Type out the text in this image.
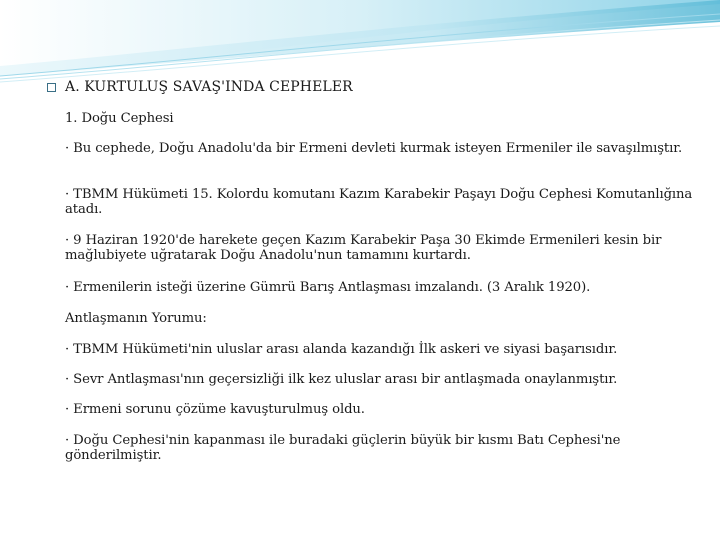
A. KURTULUŞ SAVAŞ'INDA CEPHELER
1. Doğu Cephesi
· Bu cephede, Doğu Anadolu'da bir Ermeni devleti kurmak isteyen Ermeniler ile savaşılmıştır.
· TBMM Hükümeti 15. Kolordu komutanı Kazım Karabekir Paşayı Doğu Cephesi Komutanlığına atadı.
· 9 Haziran 1920'de harekete geçen Kazım Karabekir Paşa 30 Ekimde Ermenileri kesin bir mağlubiyete uğratarak Doğu Anadolu'nun tamamını kurtardı.
· Ermenilerin isteği üzerine Gümrü Barış Antlaşması imzalandı. (3 Aralık 1920).
Antlaşmanın Yorumu:
· TBMM Hükümeti'nin uluslar arası alanda kazandığı İlk askeri ve siyasi başarısıdır.
· Sevr Antlaşması'nın geçersizliği ilk kez uluslar arası bir antlaşmada onaylanmıştır.
· Ermeni sorunu çözüme kavuşturulmuş oldu.
· Doğu Cephesi'nin kapanması ile buradaki güçlerin büyük bir kısmı Batı Cephesi'ne gönderilmiştir.
